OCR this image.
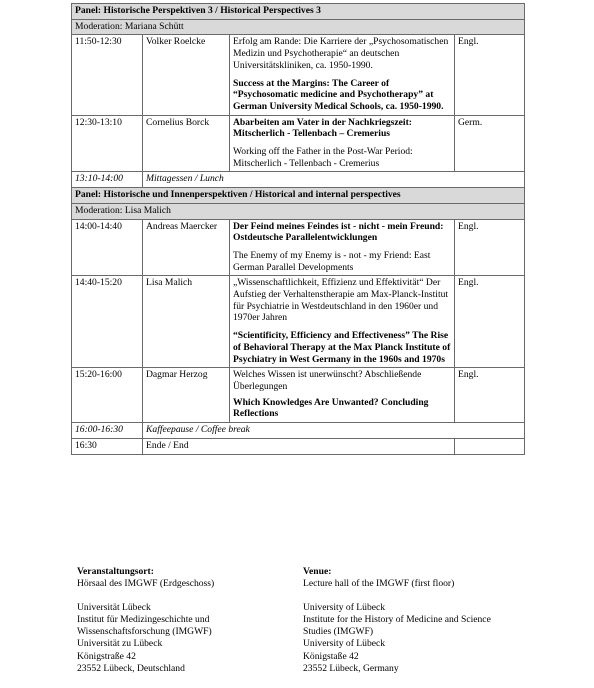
Panel: Historische Perspektiven 3 / Historical Perspectives 3			
Moderation: Mariana Schütt			
11:50-12:30	Volker Roelcke	Erfolg am Rande: Die Karriere der „Psychosomatischen Medizin und Psychotherapie“ an deutschen Universitätskliniken, ca. 1950-1990.

Success at the Margins: The Career of “Psychosomatic medicine and Psychotherapy” at German University Medical Schools, ca. 1950-1990.	Engl.
12:30-13:10	Cornelius Borck	Abarbeiten am Vater in der Nachkriegszeit: Mitscherlich - Tellenbach – Cremerius

Working off the Father in the Post-War Period: Mitscherlich - Tellenbach - Cremerius	Germ.
13:10-14:00	Mittagessen / Lunch		
Panel: Historische und Innenperspektiven / Historical and internal perspectives			
Moderation: Lisa Malich			
14:00-14:40	Andreas Maercker	Der Feind meines Feindes ist - nicht - mein Freund: Ostdeutsche Parallelentwicklungen

The Enemy of my Enemy is - not - my Friend: East German Parallel Developments	Engl.
14:40-15:20	Lisa Malich	„Wissenschaftlichkeit, Effizienz und Effektivität“ Der Aufstieg der Verhaltenstherapie am Max-Planck-Institut für Psychiatrie in Westdeutschland in den 1960er und 1970er Jahren

“Scientificity, Efficiency and Effectiveness” The Rise of Behavioral Therapy at the Max Planck Institute of Psychiatry in West Germany in the 1960s and 1970s	Engl.
15:20-16:00	Dagmar Herzog	Welches Wissen ist unerwünscht? Abschließende Überlegungen

Which Knowledges Are Unwanted? Concluding Reflections	Engl.
16:00-16:30	Kaffeepause / Coffee break		
16:30	Ende / End		
Veranstaltungsort:
Hörsaal des IMGWF (Erdgeschoss)
Universität Lübeck
Institut für Medizingeschichte und
Wissenschaftsforschung (IMGWF)
Universität zu Lübeck
Königstraße 42
23552 Lübeck, Deutschland
Venue:
Lecture hall of the IMGWF (first floor)
University of Lübeck
Institute for the History of Medicine and Science
Studies (IMGWF)
University of Lübeck
Königstaße 42
23552 Lübeck, Germany
